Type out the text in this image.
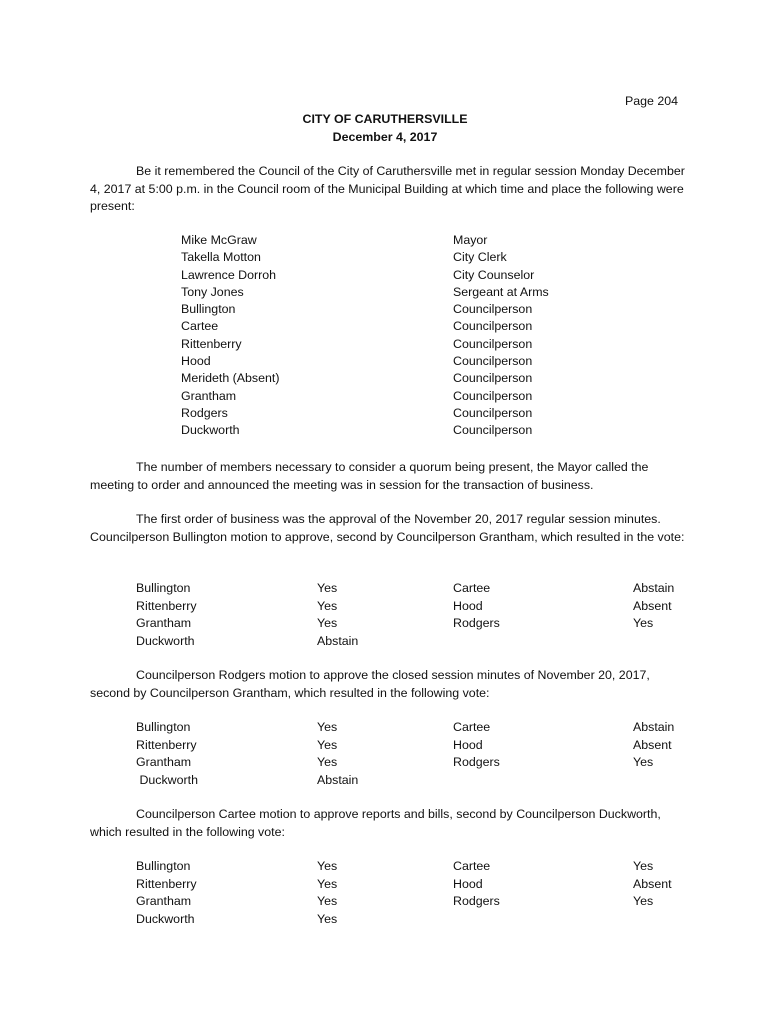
Page 204
CITY OF CARUTHERSVILLE
December 4, 2017

Be it remembered the Council of the City of Caruthersville met in regular session Monday December 4, 2017 at 5:00 p.m. in the Council room of the Municipal Building at which time and place the following were present:

Mike McGraw	Mayor
Takella Motton	City Clerk
Lawrence Dorroh	City Counselor
Tony Jones	Sergeant at Arms
Bullington	Councilperson
Cartee	Councilperson
Rittenberry	Councilperson
Hood	Councilperson
Merideth (Absent)	Councilperson
Grantham	Councilperson
Rodgers	Councilperson
Duckworth	Councilperson

The number of members necessary to consider a quorum being present, the Mayor called the meeting to order and announced the meeting was in session for the transaction of business.

The first order of business was the approval of the November 20, 2017 regular session minutes. Councilperson Bullington motion to approve, second by Councilperson Grantham, which resulted in the vote:

Bullington	Yes	Cartee	Abstain
Rittenberry	Yes	Hood	Absent
Grantham	Yes	Rodgers	Yes
Duckworth	Abstain

Councilperson Rodgers motion to approve the closed session minutes of November 20, 2017, second by Councilperson Grantham, which resulted in the following vote:

Bullington	Yes	Cartee	Abstain
Rittenberry	Yes	Hood	Absent
Grantham	Yes	Rodgers	Yes
Duckworth	Abstain

Councilperson Cartee motion to approve reports and bills, second by Councilperson Duckworth, which resulted in the following vote:

Bullington	Yes	Cartee	Yes
Rittenberry	Yes	Hood	Absent
Grantham	Yes	Rodgers	Yes
Duckworth	Yes
